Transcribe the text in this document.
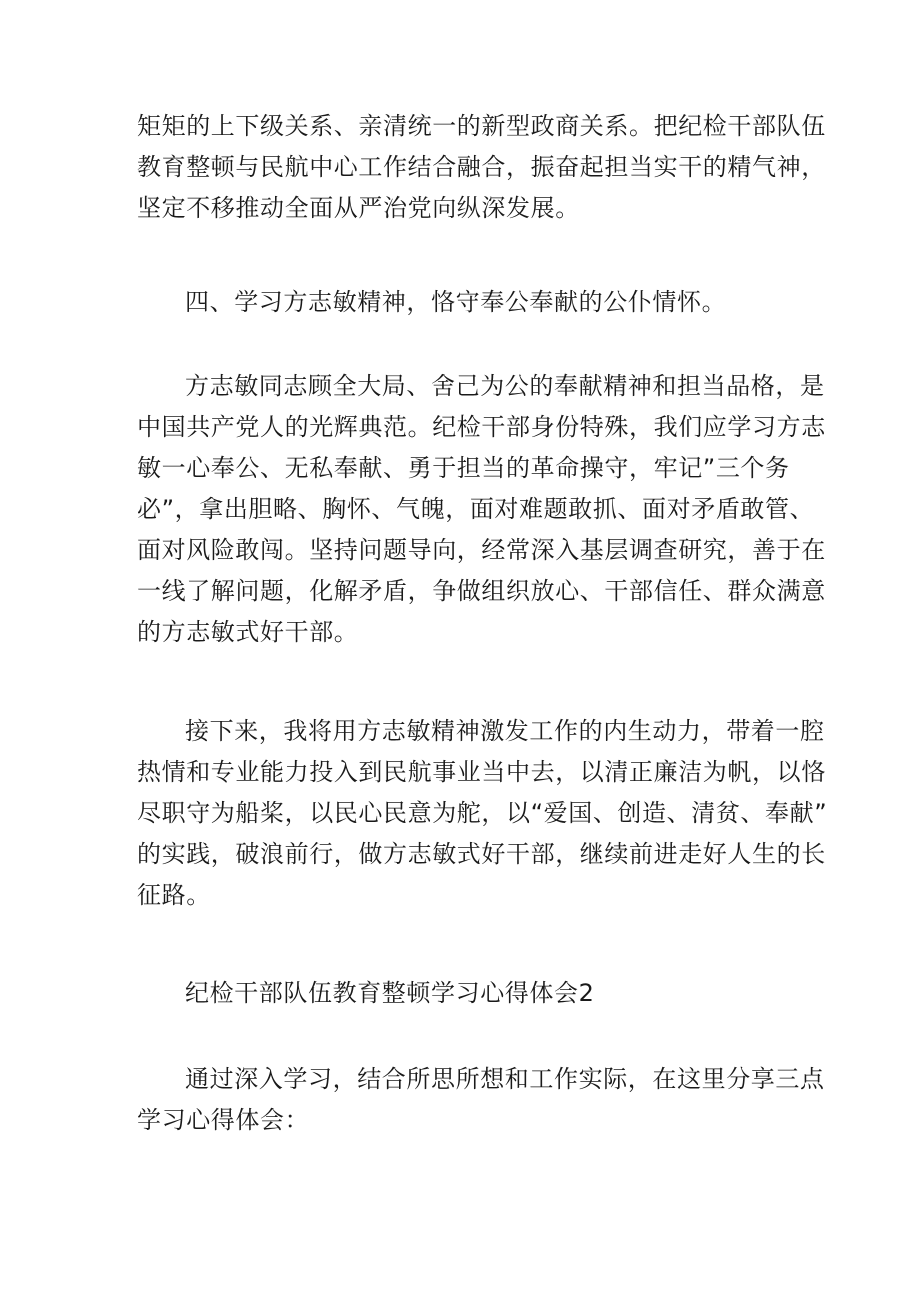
矩矩的上下级关系、亲清统一的新型政商关系。把纪检干部队伍
教育整顿与民航中心工作结合融合，振奋起担当实干的精气神，
坚定不移推动全面从严治党向纵深发展。

四、学习方志敏精神，恪守奉公奉献的公仆情怀。

方志敏同志顾全大局、舍己为公的奉献精神和担当品格，是
中国共产党人的光辉典范。纪检干部身份特殊，我们应学习方志
敏一心奉公、无私奉献、勇于担当的革命操守，牢记”三个务
必”，拿出胆略、胸怀、气魄，面对难题敢抓、面对矛盾敢管、
面对风险敢闯。坚持问题导向，经常深入基层调查研究，善于在
一线了解问题，化解矛盾，争做组织放心、干部信任、群众满意
的方志敏式好干部。

接下来，我将用方志敏精神激发工作的内生动力，带着一腔
热情和专业能力投入到民航事业当中去，以清正廉洁为帆，以恪
尽职守为船桨，以民心民意为舵，以“爱国、创造、清贫、奉献”
的实践，破浪前行，做方志敏式好干部，继续前进走好人生的长
征路。

纪检干部队伍教育整顿学习心得体会2

通过深入学习，结合所思所想和工作实际，在这里分享三点
学习心得体会：
